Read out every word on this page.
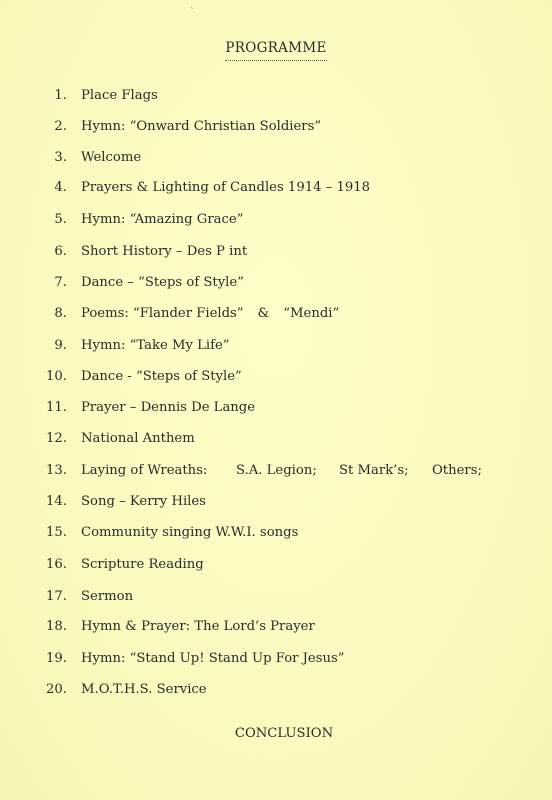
`
PROGRAMME
1. Place Flags
2. Hymn: “Onward Christian Soldiers”
3. Welcome
4. Prayers & Lighting of Candles 1914 – 1918
5. Hymn: “Amazing Grace”
6. Short History – Des P int
7. Dance – “Steps of Style”
8. Poems: “Flander Fields” & “Mendi”
9. Hymn: “Take My Life”
10. Dance - “Steps of Style”
11. Prayer – Dennis De Lange
12. National Anthem
13. Laying of Wreaths: S.A. Legion; St Mark’s; Others;
14. Song – Kerry Hiles
15. Community singing W.W.I. songs
16. Scripture Reading
17. Sermon
18. Hymn & Prayer: The Lord’s Prayer
19. Hymn: “Stand Up! Stand Up For Jesus”
20. M.O.T.H.S. Service
CONCLUSION
